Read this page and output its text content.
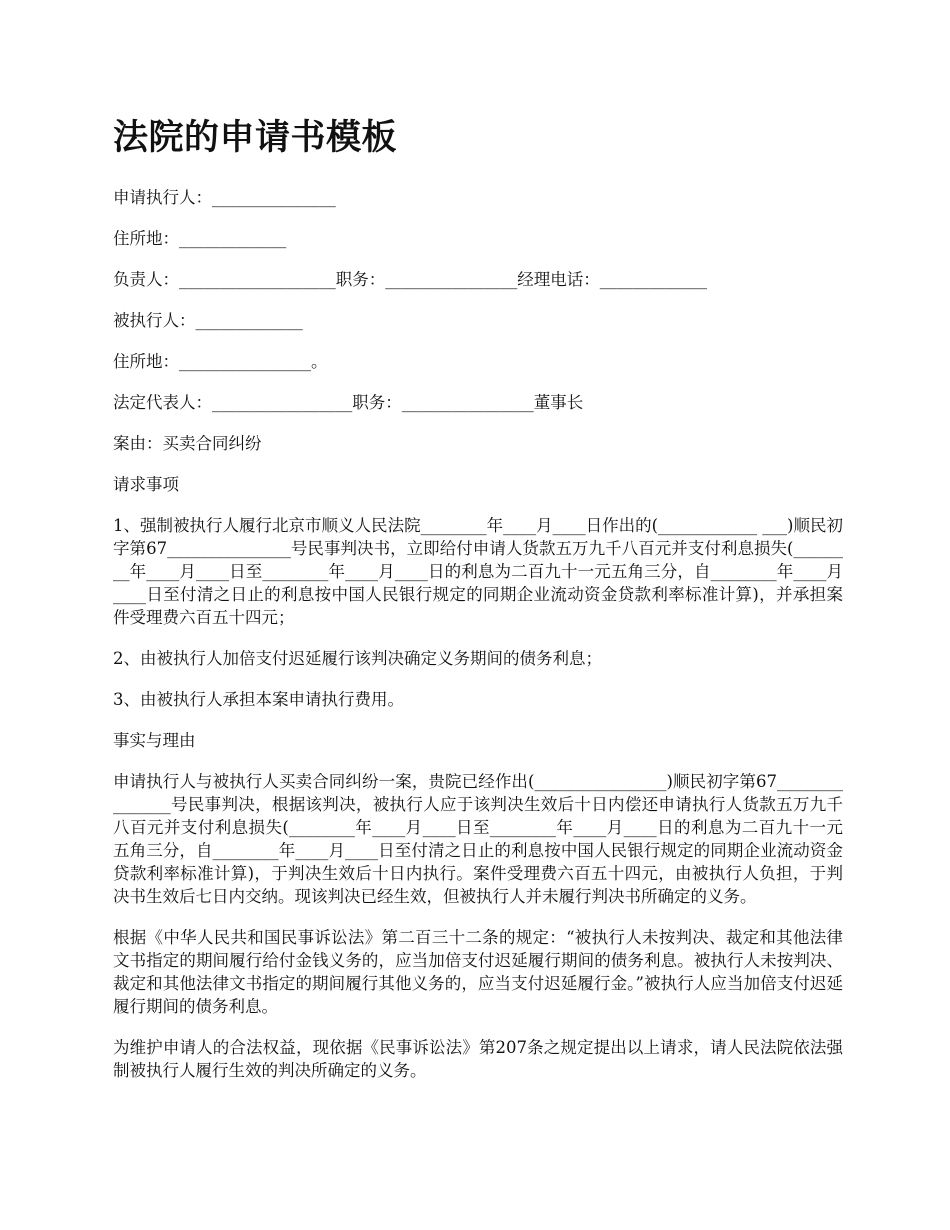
法院的申请书模板

申请执行人：_______________

住所地：_____________

负责人：___________________职务：________________经理电话：_____________

被执行人：_____________

住所地：________________。

法定代表人：_________________职务：________________董事长

案由：买卖合同纠纷

请求事项

1、强制被执行人履行北京市顺义人民法院________年____月____日作出的(____________ ___)顺民初字第67_______________号民事判决书，立即给付申请人货款五万九千八百元并支付利息损失(________年____月____日至________年____月____日的利息为二百九十一元五角三分，自________年____月____日至付清之日止的利息按中国人民银行规定的同期企业流动资金贷款利率标准计算)，并承担案件受理费六百五十四元；

2、由被执行人加倍支付迟延履行该判决确定义务期间的债务利息；

3、由被执行人承担本案申请执行费用。

事实与理由

申请执行人与被执行人买卖合同纠纷一案，贵院已经作出(________________)顺民初字第67_______________号民事判决，根据该判决，被执行人应于该判决生效后十日内偿还申请执行人货款五万九千八百元并支付利息损失(________年____月____日至________年____月____日的利息为二百九十一元五角三分，自________年____月____日至付清之日止的利息按中国人民银行规定的同期企业流动资金贷款利率标准计算)，于判决生效后十日内执行。案件受理费六百五十四元，由被执行人负担，于判决书生效后七日内交纳。现该判决已经生效，但被执行人并未履行判决书所确定的义务。

根据《中华人民共和国民事诉讼法》第二百三十二条的规定：“被执行人未按判决、裁定和其他法律文书指定的期间履行给付金钱义务的，应当加倍支付迟延履行期间的债务利息。被执行人未按判决、裁定和其他法律文书指定的期间履行其他义务的，应当支付迟延履行金。”被执行人应当加倍支付迟延履行期间的债务利息。

为维护申请人的合法权益，现依据《民事诉讼法》第207条之规定提出以上请求，请人民法院依法强制被执行人履行生效的判决所确定的义务。
